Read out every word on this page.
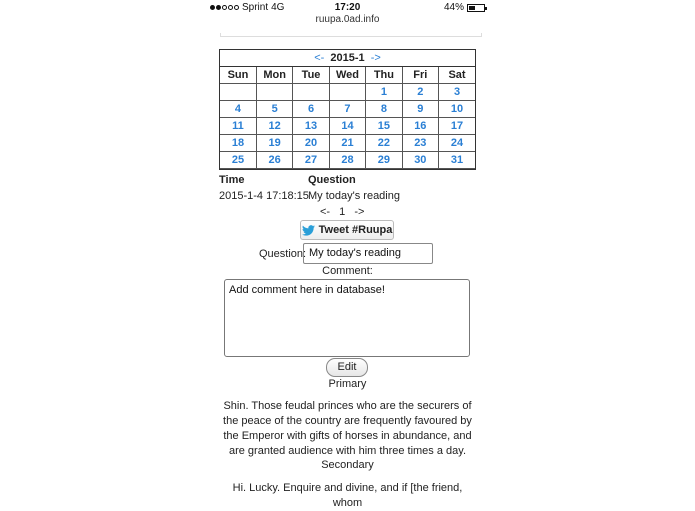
Sprint 4G	17:20	44%
ruupa.0ad.info
<- 2015-1 ->
Sun	Mon	Tue	Wed	Thu	Fri	Sat
				1	2	3
4	5	6	7	8	9	10
11	12	13	14	15	16	17
18	19	20	21	22	23	24
25	26	27	28	29	30	31
Time	Question
2015-1-4 17:18:15 My today's reading
<- 1 ->
Tweet #Ruupa
Question: My today's reading
Comment:
Add comment here in database!
Edit
Primary
Shin. Those feudal princes who are the securers of the peace of the country are frequently favoured by the Emperor with gifts of horses in abundance, and are granted audience with him three times a day.
Secondary
Hi. Lucky. Enquire and divine, and if [the friend, whom
